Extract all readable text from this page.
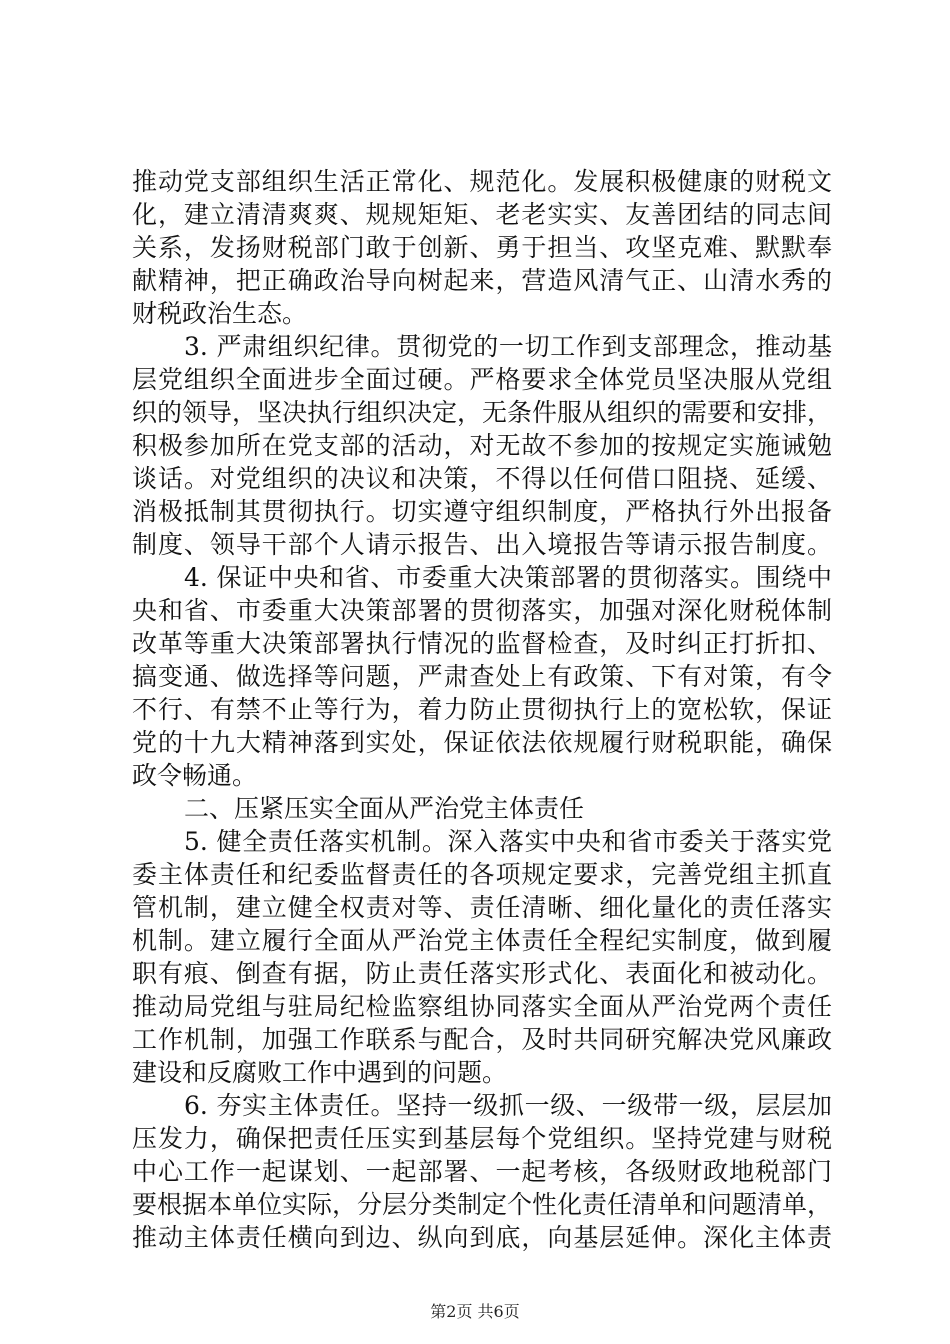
推动党支部组织生活正常化、规范化。发展积极健康的财税文
化，建立清清爽爽、规规矩矩、老老实实、友善团结的同志间
关系，发扬财税部门敢于创新、勇于担当、攻坚克难、默默奉
献精神，把正确政治导向树起来，营造风清气正、山清水秀的
财税政治生态。
3. 严肃组织纪律。贯彻党的一切工作到支部理念，推动基
层党组织全面进步全面过硬。严格要求全体党员坚决服从党组
织的领导，坚决执行组织决定，无条件服从组织的需要和安排，
积极参加所在党支部的活动，对无故不参加的按规定实施诫勉
谈话。对党组织的决议和决策，不得以任何借口阻挠、延缓、
消极抵制其贯彻执行。切实遵守组织制度，严格执行外出报备
制度、领导干部个人请示报告、出入境报告等请示报告制度。
4. 保证中央和省、市委重大决策部署的贯彻落实。围绕中
央和省、市委重大决策部署的贯彻落实，加强对深化财税体制
改革等重大决策部署执行情况的监督检查，及时纠正打折扣、
搞变通、做选择等问题，严肃查处上有政策、下有对策，有令
不行、有禁不止等行为，着力防止贯彻执行上的宽松软，保证
党的十九大精神落到实处，保证依法依规履行财税职能，确保
政令畅通。
二、压紧压实全面从严治党主体责任
5. 健全责任落实机制。深入落实中央和省市委关于落实党
委主体责任和纪委监督责任的各项规定要求，完善党组主抓直
管机制，建立健全权责对等、责任清晰、细化量化的责任落实
机制。建立履行全面从严治党主体责任全程纪实制度，做到履
职有痕、倒查有据，防止责任落实形式化、表面化和被动化。
推动局党组与驻局纪检监察组协同落实全面从严治党两个责任
工作机制，加强工作联系与配合，及时共同研究解决党风廉政
建设和反腐败工作中遇到的问题。
6. 夯实主体责任。坚持一级抓一级、一级带一级，层层加
压发力，确保把责任压实到基层每个党组织。坚持党建与财税
中心工作一起谋划、一起部署、一起考核，各级财政地税部门
要根据本单位实际，分层分类制定个性化责任清单和问题清单，
推动主体责任横向到边、纵向到底，向基层延伸。深化主体责
第2页 共6页
